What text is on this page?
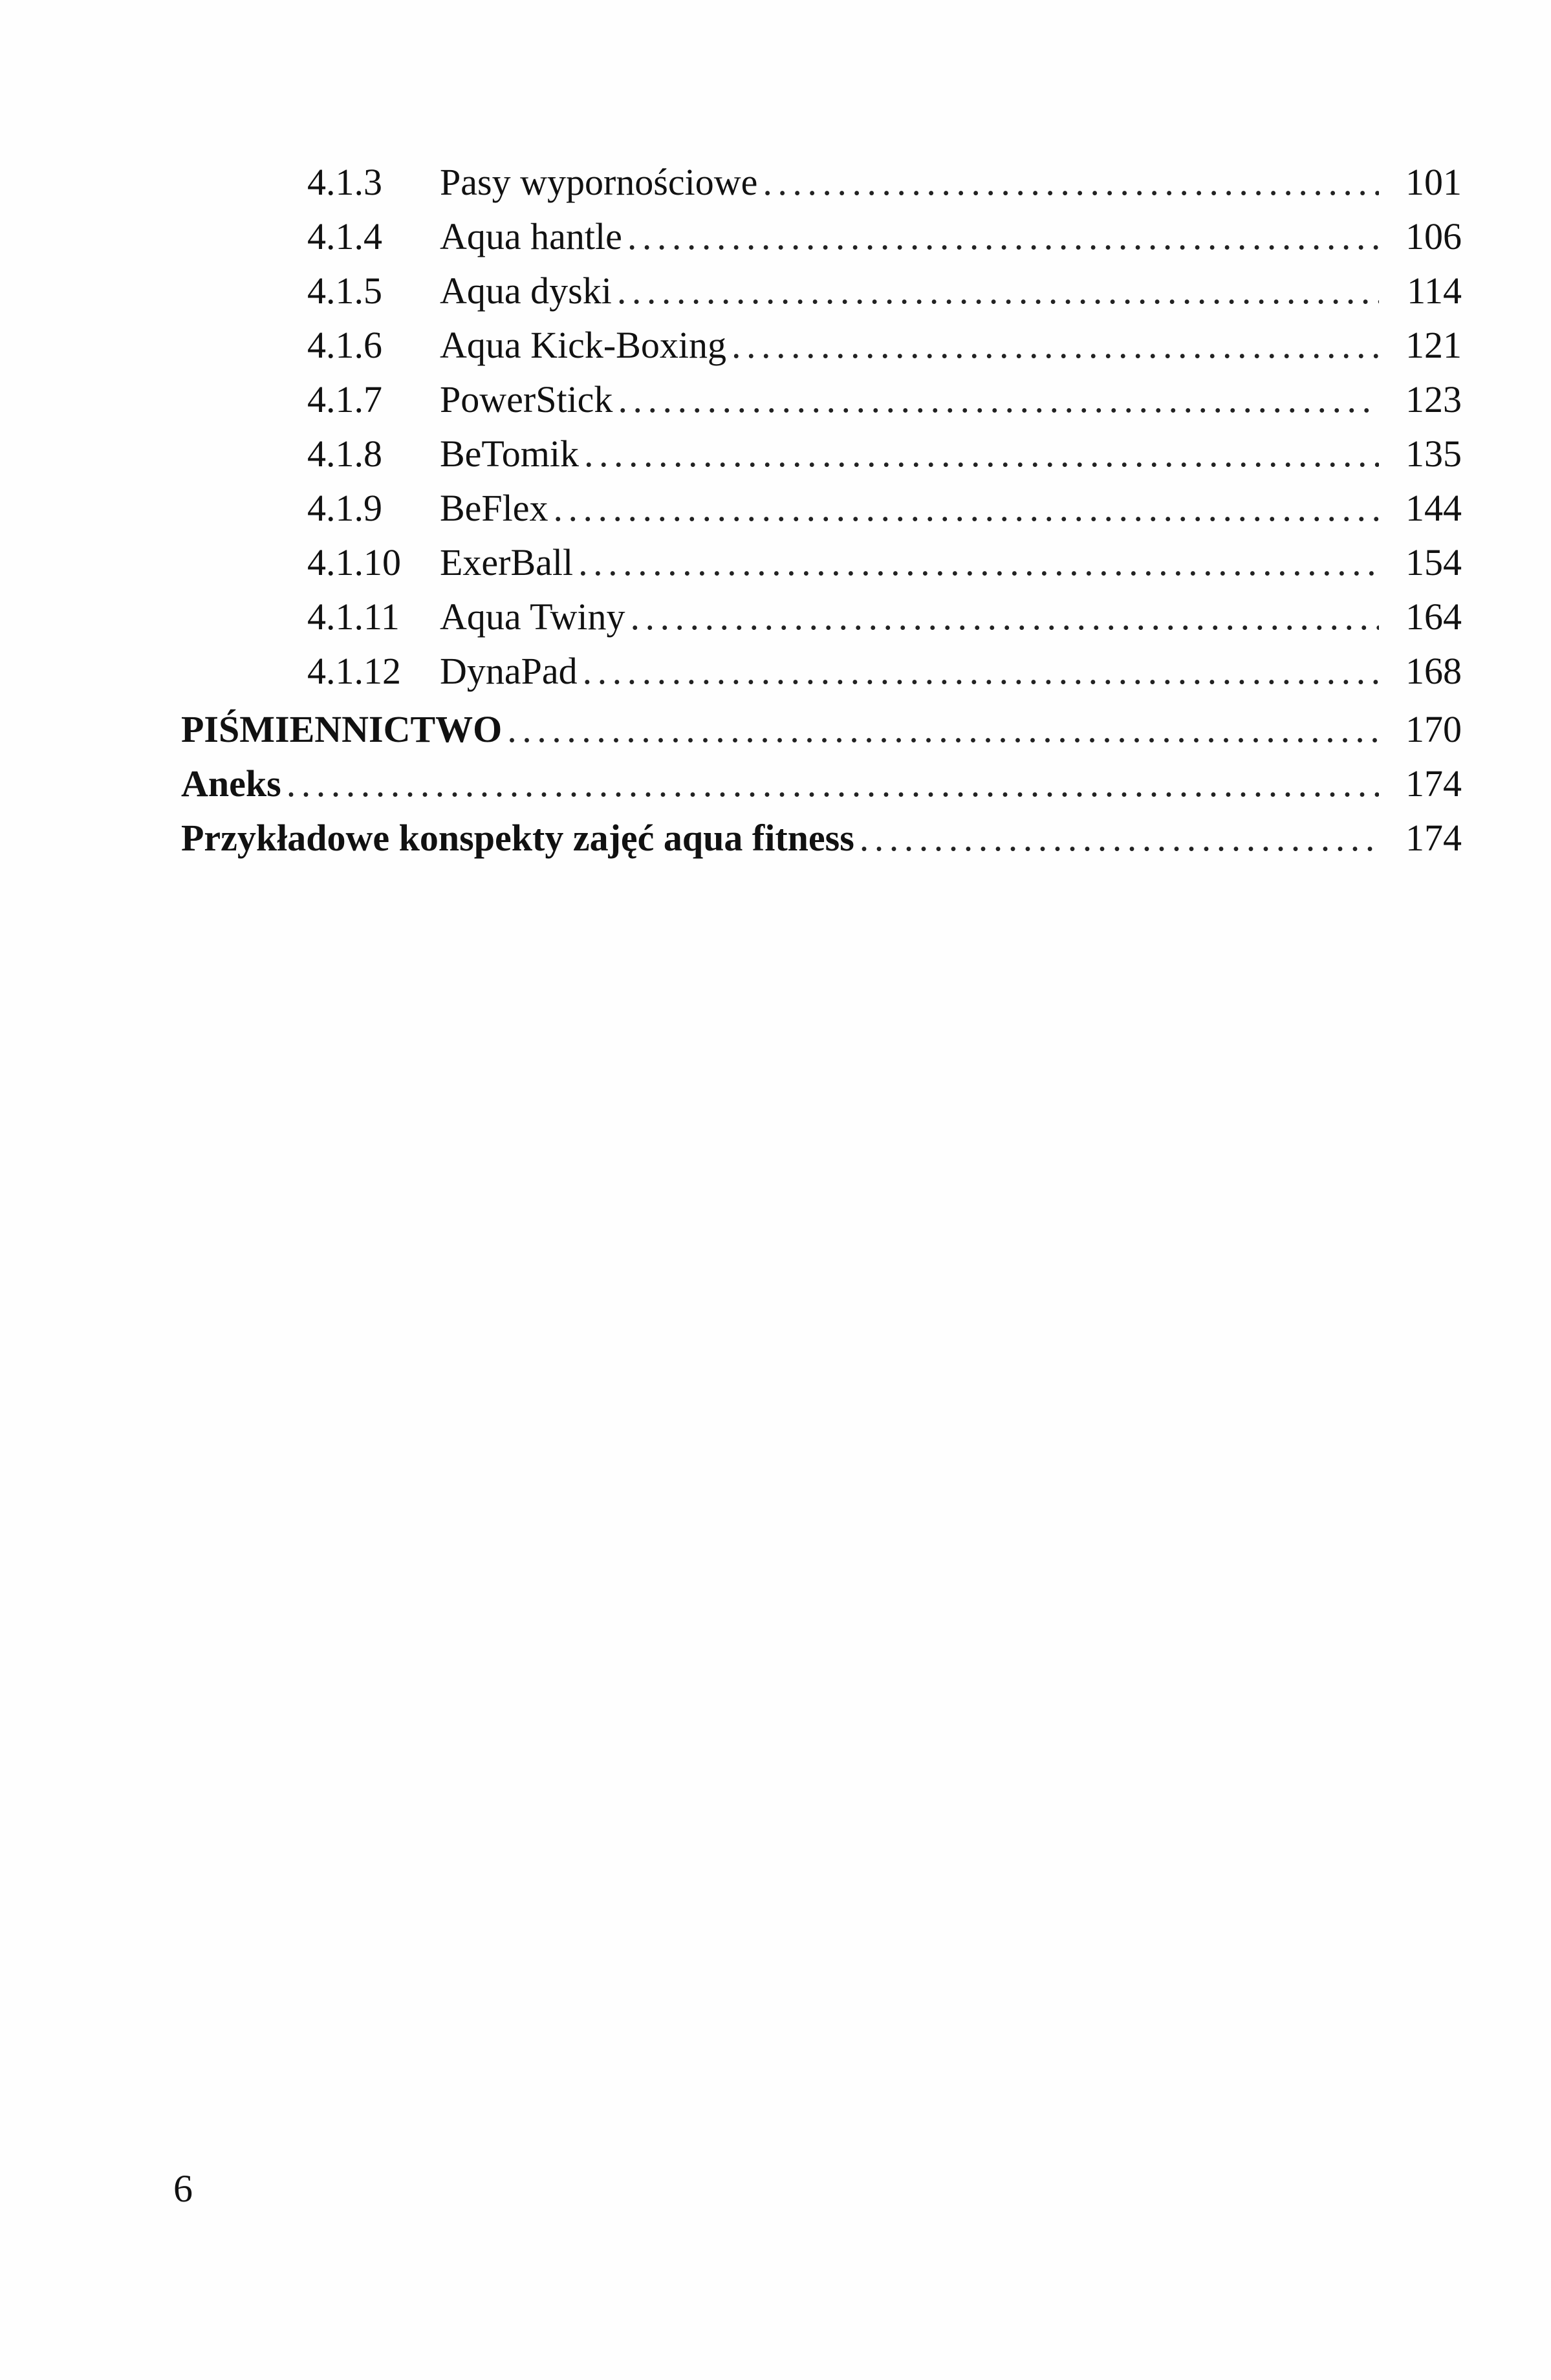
4.1.3	Pasy wypornościowe . . .	101
4.1.4	Aqua hantle . . .	106
4.1.5	Aqua dyski . . .	114
4.1.6	Aqua Kick-Boxing . . .	121
4.1.7	PowerStick . . .	123
4.1.8	BeTomik . . .	135
4.1.9	BeFlex . . .	144
4.1.10	ExerBall . . .	154
4.1.11	Aqua Twiny . . .	164
4.1.12	DynaPad . . .	168
PIŚMIENNICTWO . . .	170
Aneks . . .	174
Przykładowe konspekty zajęć aqua fitness . . .	174
6
